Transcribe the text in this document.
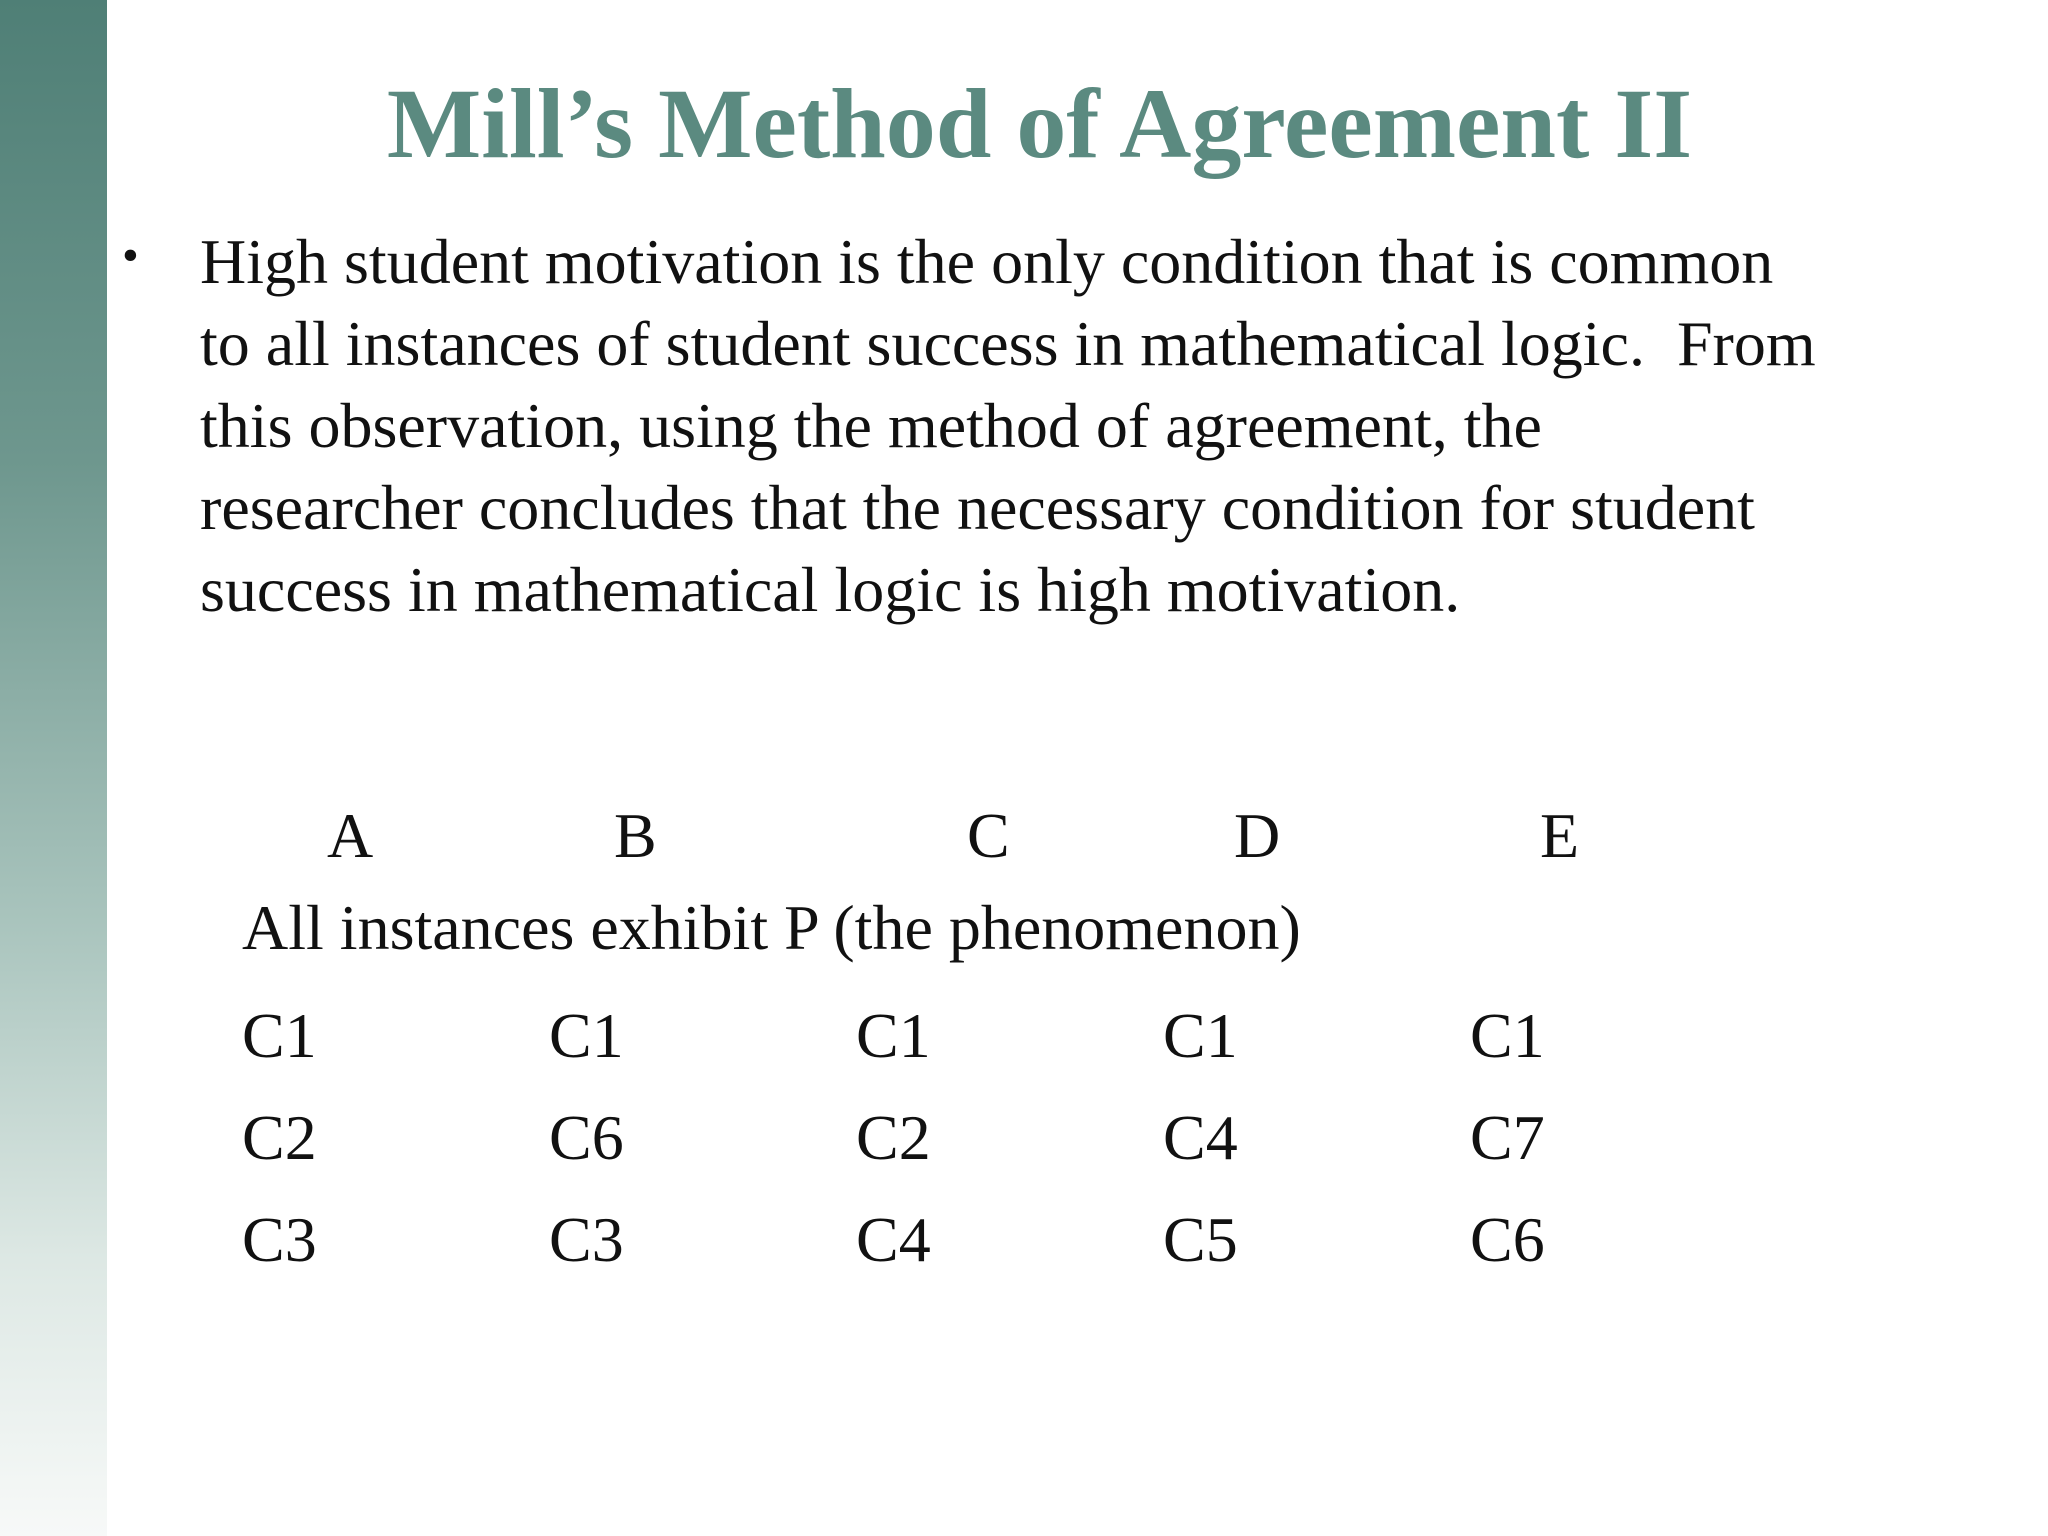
Mill’s Method of Agreement II
• High student motivation is the only condition that is common
to all instances of student success in mathematical logic.  From
this observation, using the method of agreement, the
researcher concludes that the necessary condition for student
success in mathematical logic is high motivation.
A	B	C	D	E
All instances exhibit P (the phenomenon)
C1	C1	C1	C1	C1
C2	C6	C2	C4	C7
C3	C3	C4	C5	C6
